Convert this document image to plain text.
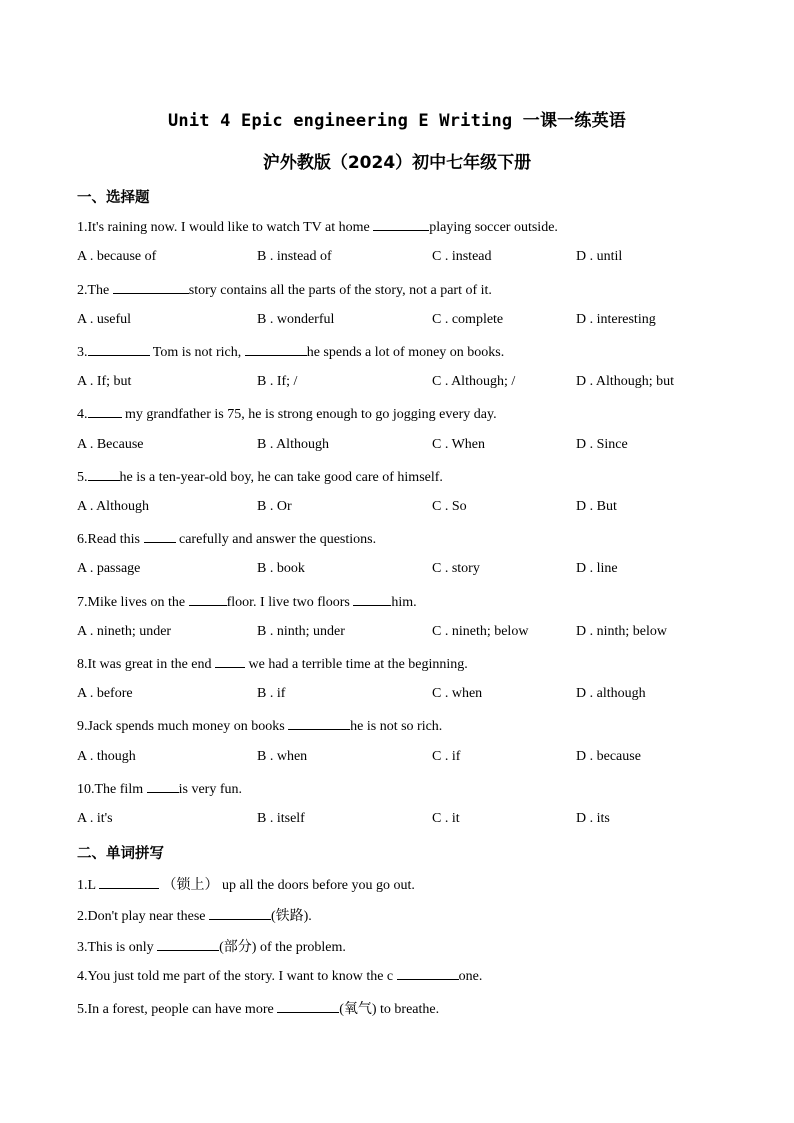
Unit 4 Epic engineering E Writing 一课一练英语
沪外教版（2024）初中七年级下册
一、选择题
1.It's raining now. I would like to watch TV at home	playing soccer outside.
A . because of	B . instead of	C . instead	D . until
2.The	story contains all the parts of the story, not a part of it.
A . useful	B . wonderful	C . complete	D . interesting
3.	Tom is not rich,	he spends a lot of money on books.
A . If; but	B . If; /	C . Although; /	D . Although; but
4. my grandfather is 75, he is strong enough to go jogging every day.
A . Because	B . Although	C . When	D . Since
5. he is a ten-year-old boy, he can take good care of himself.
A . Although	B . Or	C . So	D . But
6.Read this  carefully and answer the questions.
A . passage	B . book	C . story	D . line
7.Mike lives on the	floor. I live two floors	him.
A . nineth; under	B . ninth; under	C . nineth; below	D . ninth; below
8.It was great in the end  we had a terrible time at the beginning.
A . before	B . if	C . when	D . although
9.Jack spends much money on books	he is not so rich.
A . though	B . when	C . if	D . because
10.The film is very fun.
A . it's	B . itself	C . it	D . its
二、单词拼写
1.L	（锁上） up all the doors before you go out.
2.Don't play near these	(铁路).
3.This is only	(部分) of the problem.
4.You just told me part of the story. I want to know the c	one.
5.In a forest, people can have more	(氧气) to breathe.
